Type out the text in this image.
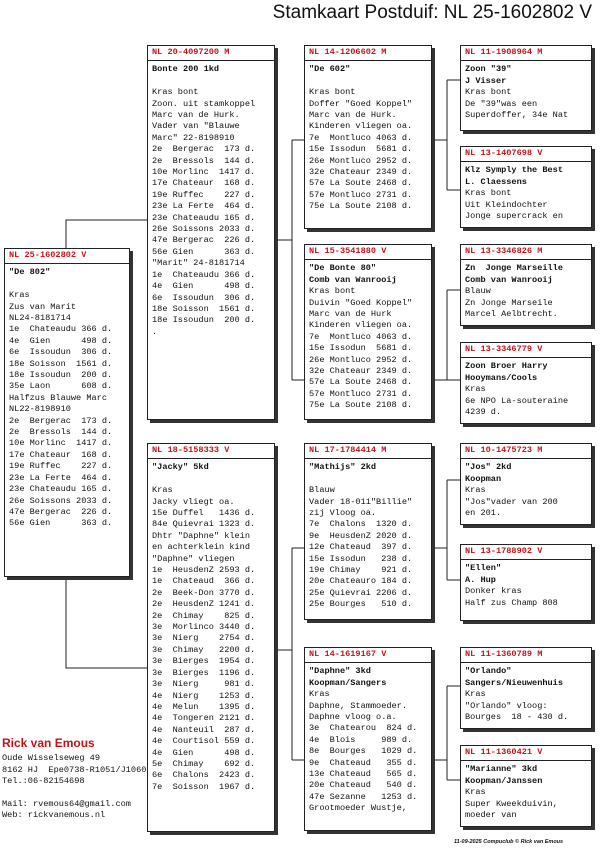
Stamkaart Postduif: NL 25-1602802 V
NL 25-1602802 V
"De 802"
Kras
Zus van Marit
NL24-8181714
1e  Chateaudu 366 d.
4e  Gien      498 d.
6e  Issoudun  306 d.
18e Soisson  1561 d.
18e Issoudun  200 d.
35e Laon      608 d.
Halfzus Blauwe Marc
NL22-8198910
2e  Bergerac  173 d.
2e  Bressols  144 d.
10e Morlinc  1417 d.
17e Chateaur  168 d.
19e Ruffec    227 d.
23e La Ferte  464 d.
23e Chateaudu 165 d.
26e Soissons 2033 d.
47e Bergerac  226 d.
56e Gien      363 d.
NL 20-4097200 M
Bonte 200 1kd
Kras bont
Zoon. uit stamkoppel
Marc van de Hurk.
Vader van "Blauwe
Marc" 22-8198910
2e  Bergerac  173 d.
2e  Bressols  144 d.
10e Morlinc  1417 d.
17e Chateaur  168 d.
19e Ruffec    227 d.
23e La Ferte  464 d.
23e Chateaudu 165 d.
26e Soissons 2033 d.
47e Bergerac  226 d.
56e Gien      363 d.
"Marit" 24-8181714
1e  Chateaudu 366 d.
4e  Gien      498 d.
6e  Issoudun  306 d.
18e Soisson  1561 d.
18e Issoudun  200 d.
.
NL 18-5158333 V
"Jacky" 5kd
Kras
Jacky vliegt oa.
15e Duffel   1436 d.
84e Quievrai 1323 d.
Dhtr "Daphne" klein
en achterklein kind
"Daphne" vliegen
1e  HeusdenZ 2593 d.
1e  Chateaud  366 d.
2e  Beek-Don 3770 d.
2e  HeusdenZ 1241 d.
2e  Chimay    825 d.
3e  Morlinco 3440 d.
3e  Nierg    2754 d.
3e  Chimay   2200 d.
3e  Bierges  1954 d.
3e  Bierges  1196 d.
3e  Nierg     981 d.
4e  Nierg    1253 d.
4e  Melun    1395 d.
4e  Tongeren 2121 d.
4e  Nanteuil  287 d.
4e  Courtisol 559 d.
4e  Gien      498 d.
5e  Chimay    692 d.
6e  Chalons  2423 d.
7e  Soisson  1967 d.
NL 14-1206602 M
"De 602"
Kras bont
Doffer "Goed Koppel"
Marc van de Hurk.
Kinderen vliegen oa.
7e  Montluco 4063 d.
15e Issodun  5681 d.
26e Montluco 2952 d.
32e Chateaur 2349 d.
57e La Soute 2468 d.
57e Montluco 2731 d.
75e La Soute 2108 d.
NL 15-3541880 V
"De Bonte 80"
Comb van Wanrooij
Kras bont
Duivin "Goed Koppel"
Marc van de Hurk
Kinderen vliegen oa.
7e  Montluco 4063 d.
15e Issodun  5681 d.
26e Montluco 2952 d.
32e Chateaur 2349 d.
57e La Soute 2468 d.
57e Montluco 2731 d.
75e La Soute 2108 d.
NL 17-1784414 M
"Mathijs" 2kd
Blauw
Vader 18-011"Billie"
zij Vloog oa.
7e  Chalons  1320 d.
9e  HeusdenZ 2020 d.
12e Chateaud  397 d.
15e Issodun   238 d.
19e Chimay    921 d.
20e Chateauro 184 d.
25e Quievrai 2206 d.
25e Bourges   510 d.
NL 14-1619167 V
"Daphne" 3kd
Koopman/Sangers
Kras
Daphne, Stammoeder.
Daphne vloog o.a.
3e  Chatearou  824 d.
4e  Blois     989 d.
8e  Bourges   1029 d.
9e  Chateaud   355 d.
13e Chateaud   565 d.
20e Chateaud   540 d.
47e Sezanne   1253 d.
Grootmoeder Wustje,
NL 11-1908964 M
Zoon "39"
J Visser
Kras bont
De "39"was een
Superdoffer, 34e Nat
NL 13-1407698 V
Klz Symply the Best
L. Claessens
Kras bont
Uit Kleindochter
Jonge supercrack en
NL 13-3346826 M
Zn  Jonge Marseille
Comb van Wanrooij
Blauw
Zn Jonge Marseile
Marcel Aelbtrecht.
NL 13-3346779 V
Zoon Broer Harry
Hooymans/Cools
Kras
6e NPO La-souteraine
4239 d.
NL 10-1475723 M
"Jos" 2kd
Koopman
Kras
"Jos"vader van 200
en 201.
NL 13-1788902 V
"Ellen"
A. Hup
Donker kras
Half zus Champ 808
NL 11-1360789 M
"Orlando"
Sangers/Nieuwenhuis
Kras
"Orlando" vloog:
Bourges  18 - 430 d.
NL 11-1360421 V
"Marianne" 3kd
Koopman/Janssen
Kras
Super Kweekduivin,
moeder van
Rick van Emous
Oude Wisselseweg 49
8162 HJ  Epe0738-R1051/J1060
Tel.:06-82154698
Mail: rvemous64@gmail.com
Web: rickvanemous.nl
11-09-2025 Compuclub © Rick van Emous
